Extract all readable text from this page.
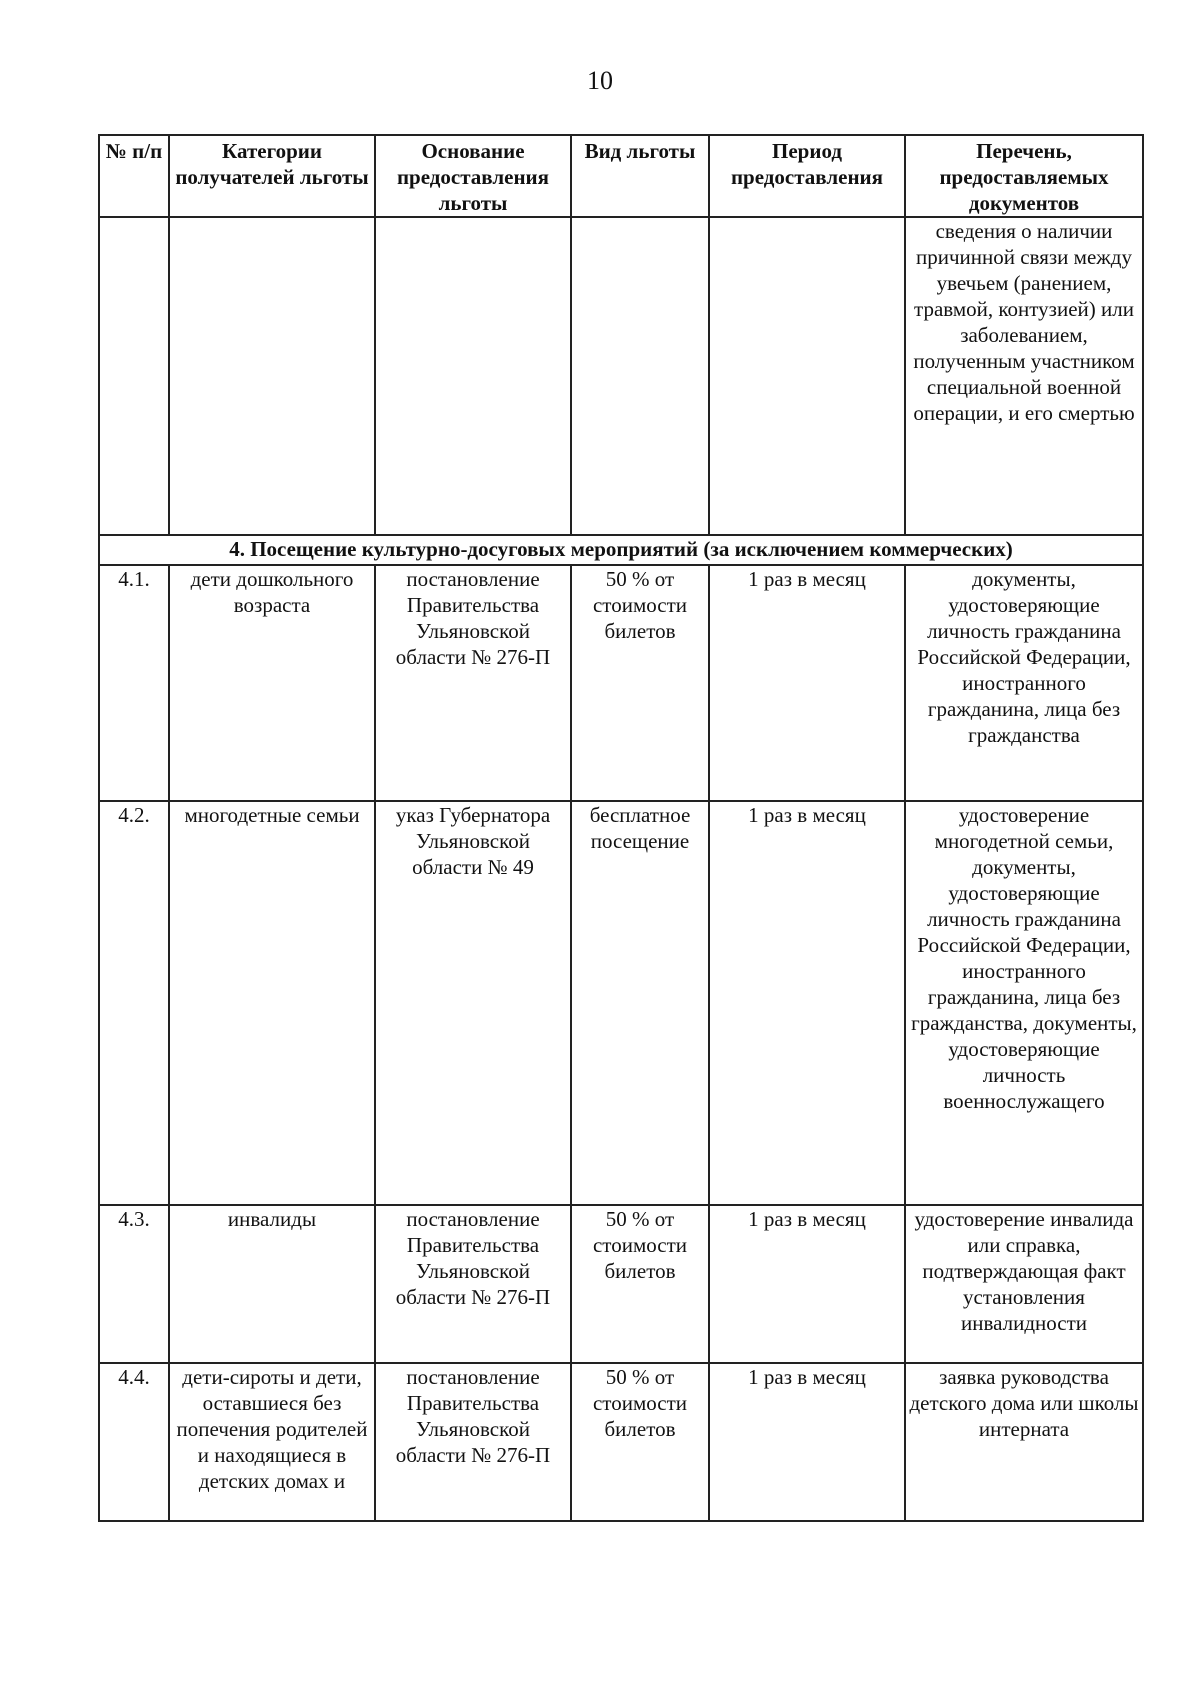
10
№ п/п	Категории получателей льготы	Основание предоставления льготы	Вид льготы	Период предоставления	Перечень, предоставляемых документов
					сведения о наличии причинной связи между увечьем (ранением, травмой, контузией) или заболеванием, полученным участником специальной военной операции, и его смертью
4. Посещение культурно-досуговых мероприятий (за исключением коммерческих)					
4.1.	дети дошкольного возраста	постановление Правительства Ульяновской области № 276-П	50 % от стоимости билетов	1 раз в месяц	документы, удостоверяющие личность гражданина Российской Федерации, иностранного гражданина, лица без гражданства
4.2.	многодетные семьи	указ Губернатора Ульяновской области № 49	бесплатное посещение	1 раз в месяц	удостоверение многодетной семьи, документы, удостоверяющие личность гражданина Российской Федерации, иностранного гражданина, лица без гражданства, документы, удостоверяющие личность военнослужащего
4.3.	инвалиды	постановление Правительства Ульяновской области № 276-П	50 % от стоимости билетов	1 раз в месяц	удостоверение инвалида или справка, подтверждающая факт установления инвалидности
4.4.	дети-сироты и дети, оставшиеся без попечения родителей и находящиеся в детских домах и	постановление Правительства Ульяновской области № 276-П	50 % от стоимости билетов	1 раз в месяц	заявка руководства детского дома или школы интерната
